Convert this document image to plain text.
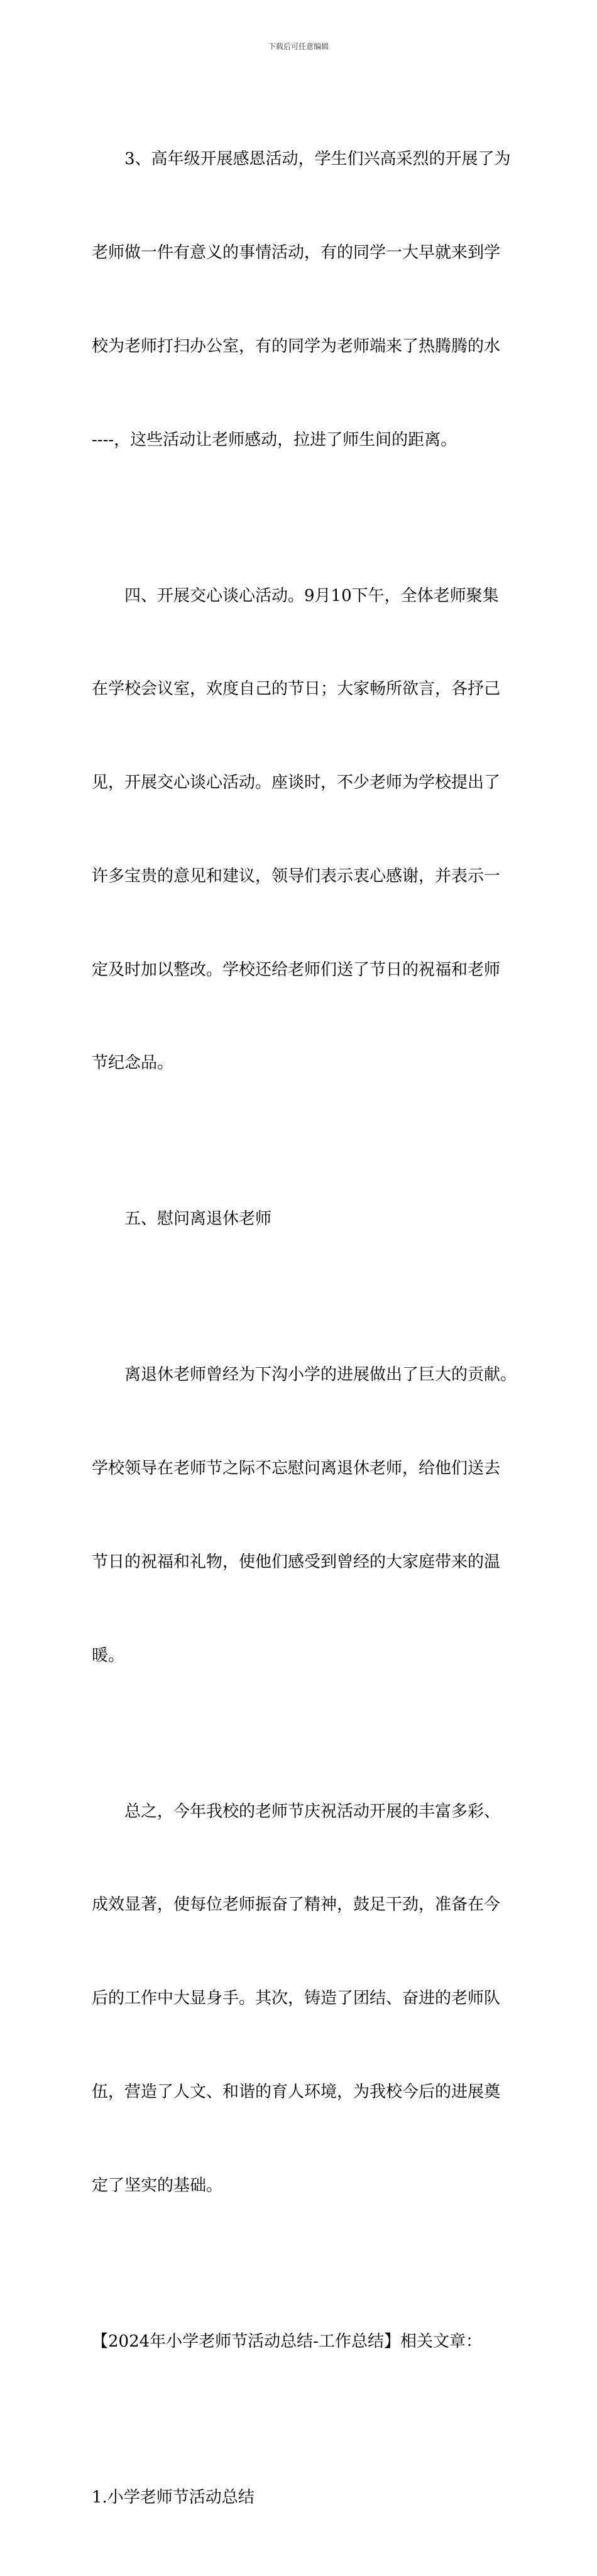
下载后可任意编辑

3、高年级开展感恩活动，学生们兴高采烈的开展了为

老师做一件有意义的事情活动，有的同学一大早就来到学

校为老师打扫办公室，有的同学为老师端来了热腾腾的水

----，这些活动让老师感动，拉进了师生间的距离。

四、开展交心谈心活动。9月10下午，全体老师聚集

在学校会议室，欢度自己的节日；大家畅所欲言，各抒己

见，开展交心谈心活动。座谈时，不少老师为学校提出了

许多宝贵的意见和建议，领导们表示衷心感谢，并表示一

定及时加以整改。学校还给老师们送了节日的祝福和老师

节纪念品。

五、慰问离退休老师

离退休老师曾经为下沟小学的进展做出了巨大的贡献。

学校领导在老师节之际不忘慰问离退休老师，给他们送去

节日的祝福和礼物，使他们感受到曾经的大家庭带来的温

暖。

总之，今年我校的老师节庆祝活动开展的丰富多彩、

成效显著，使每位老师振奋了精神，鼓足干劲，准备在今

后的工作中大显身手。其次，铸造了团结、奋进的老师队

伍，营造了人文、和谐的育人环境，为我校今后的进展奠

定了坚实的基础。

【2024年小学老师节活动总结-工作总结】相关文章：

1.小学老师节活动总结
